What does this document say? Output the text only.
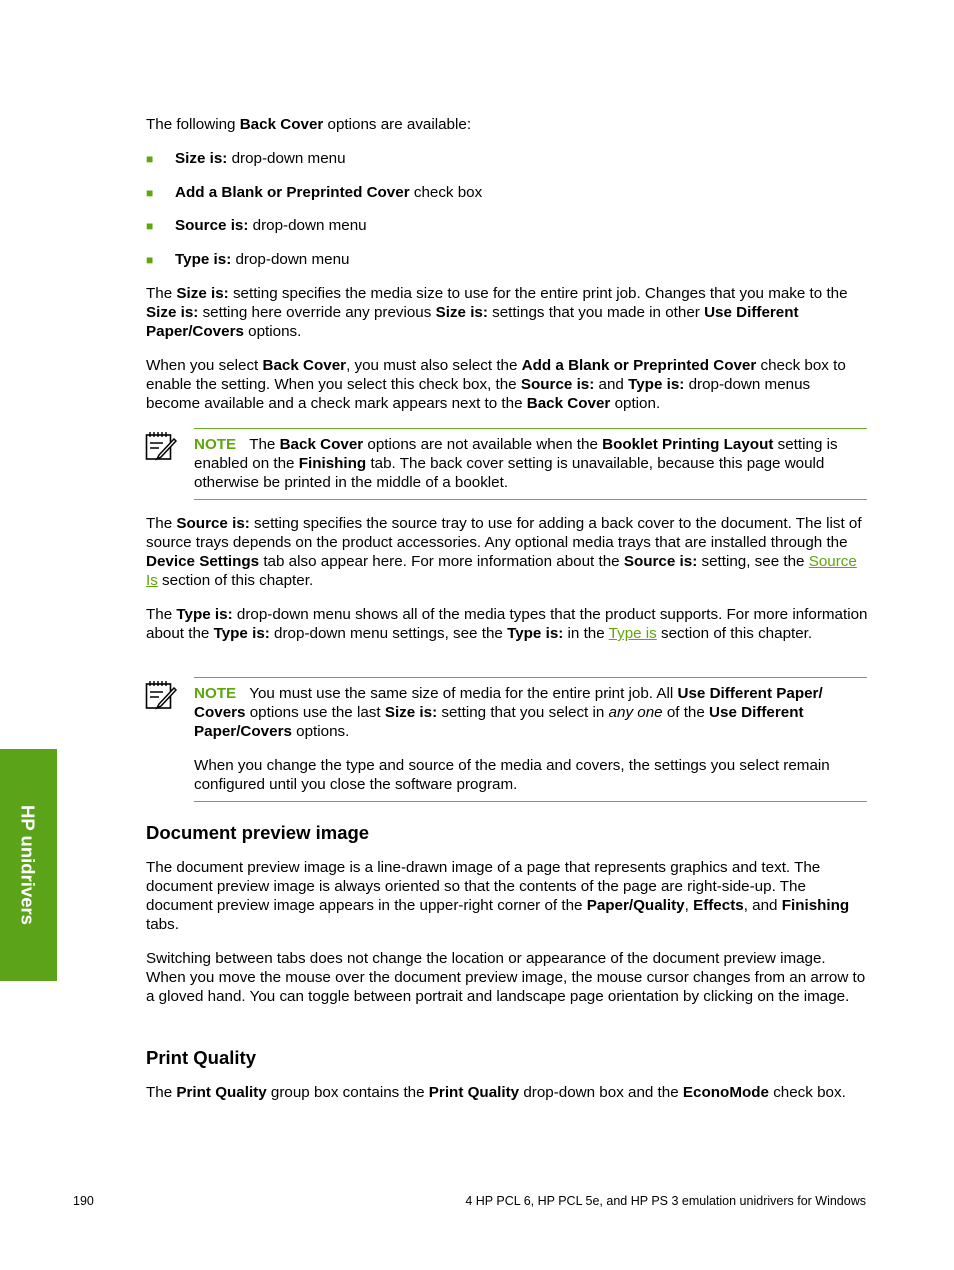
The following Back Cover options are available:

■ Size is: drop-down menu

■ Add a Blank or Preprinted Cover check box

■ Source is: drop-down menu

■ Type is: drop-down menu

The Size is: setting specifies the media size to use for the entire print job. Changes that you make to the Size is: setting here override any previous Size is: settings that you made in other Use Different Paper/Covers options.

When you select Back Cover, you must also select the Add a Blank or Preprinted Cover check box to enable the setting. When you select this check box, the Source is: and Type is: drop-down menus become available and a check mark appears next to the Back Cover option.

NOTE The Back Cover options are not available when the Booklet Printing Layout setting is enabled on the Finishing tab. The back cover setting is unavailable, because this page would otherwise be printed in the middle of a booklet.

The Source is: setting specifies the source tray to use for adding a back cover to the document. The list of source trays depends on the product accessories. Any optional media trays that are installed through the Device Settings tab also appear here. For more information about the Source is: setting, see the Source Is section of this chapter.

The Type is: drop-down menu shows all of the media types that the product supports. For more information about the Type is: drop-down menu settings, see the Type is: in the Type is section of this chapter.

NOTE You must use the same size of media for the entire print job. All Use Different Paper/ Covers options use the last Size is: setting that you select in any one of the Use Different Paper/Covers options.

When you change the type and source of the media and covers, the settings you select remain configured until you close the software program.

Document preview image

The document preview image is a line-drawn image of a page that represents graphics and text. The document preview image is always oriented so that the contents of the page are right-side-up. The document preview image appears in the upper-right corner of the Paper/Quality, Effects, and Finishing tabs.

Switching between tabs does not change the location or appearance of the document preview image. When you move the mouse over the document preview image, the mouse cursor changes from an arrow to a gloved hand. You can toggle between portrait and landscape page orientation by clicking on the image.

Print Quality

The Print Quality group box contains the Print Quality drop-down box and the EconoMode check box.

HP unidrivers
190	4 HP PCL 6, HP PCL 5e, and HP PS 3 emulation unidrivers for Windows
